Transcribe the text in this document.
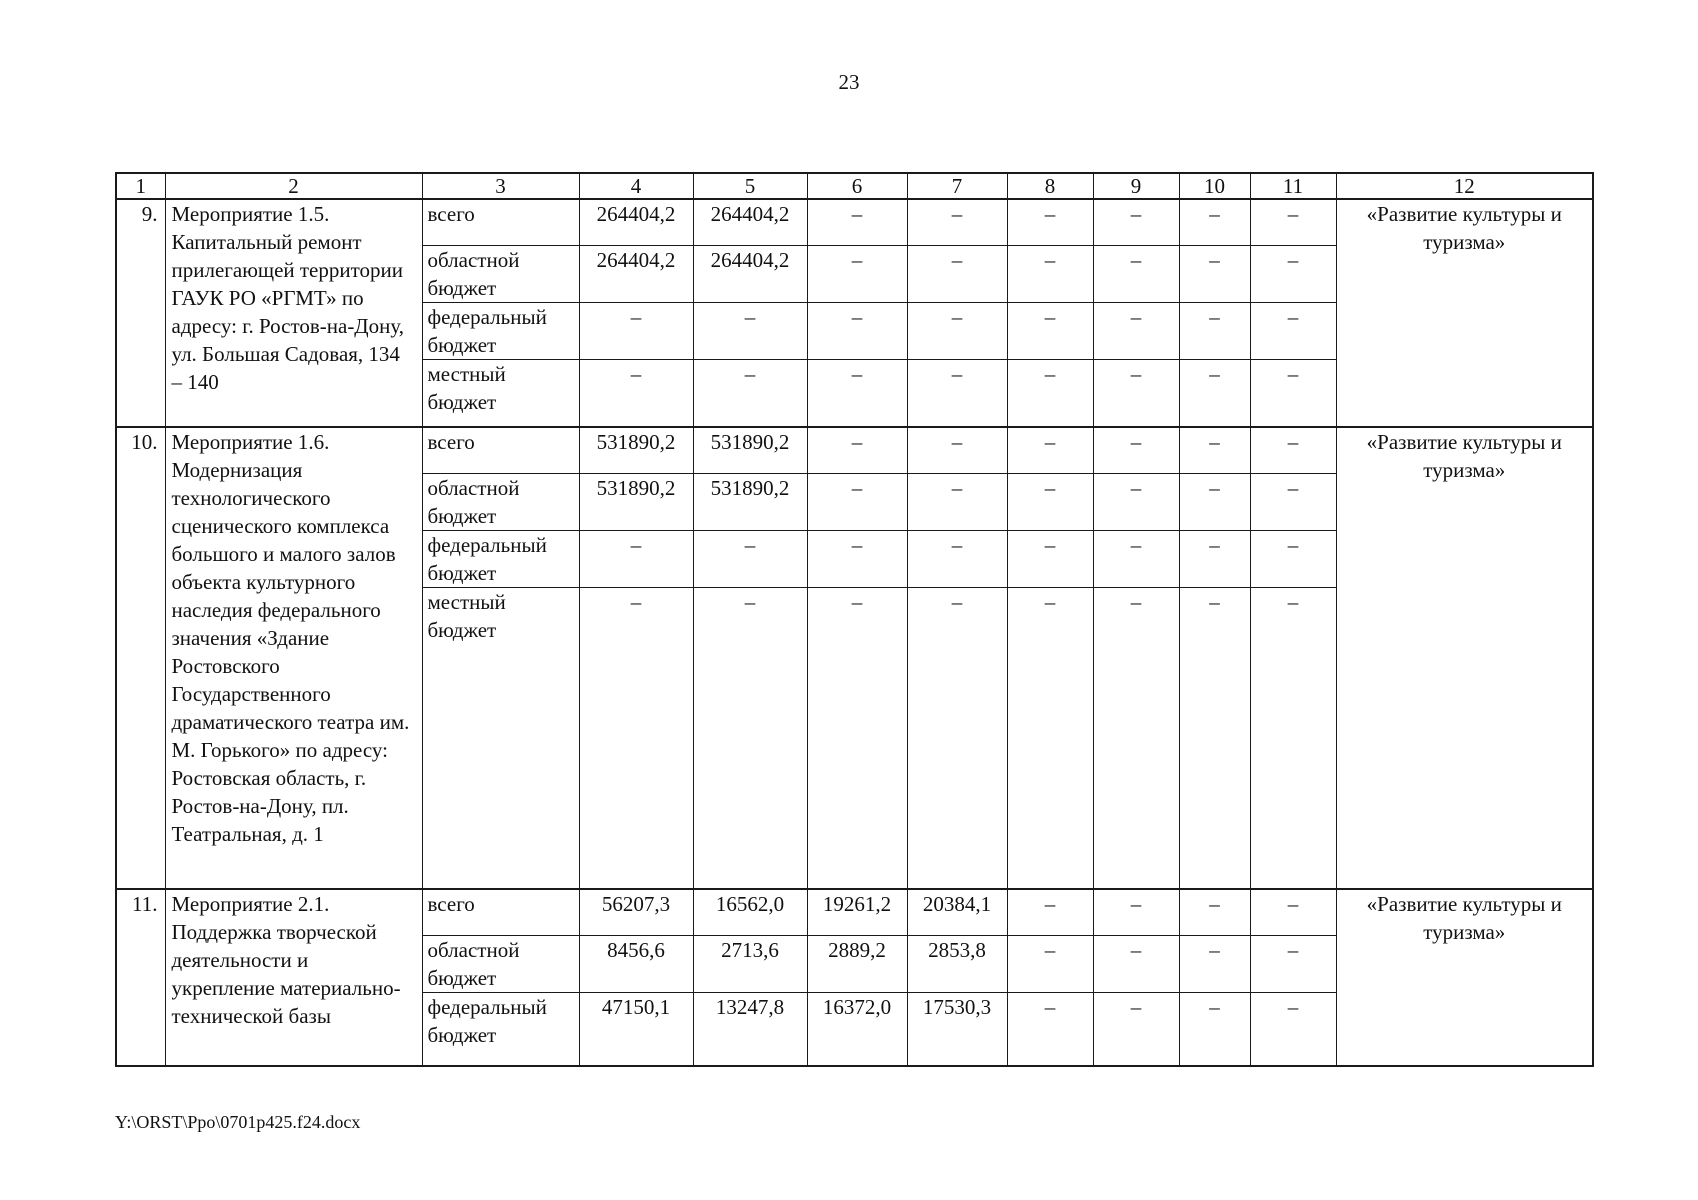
23
1	2	3	4	5	6	7	8	9	10	11	12
9.	Мероприятие 1.5. Капитальный ремонт прилегающей территории ГАУК РО «РГМТ» по адресу: г. Ростов-на-Дону, ул. Большая Садовая, 134 – 140	всего	264404,2	264404,2	–	–	–	–	–	–	«Развитие культуры и туризма»
		областной бюджет	264404,2	264404,2	–	–	–	–	–	–	
		федеральный бюджет	–	–	–	–	–	–	–	–	
		местный бюджет	–	–	–	–	–	–	–	–	
10.	Мероприятие 1.6. Модернизация технологического сценического комплекса большого и малого залов объекта культурного наследия федерального значения «Здание Ростовского Государственного драматического театра им. М. Горького» по адресу: Ростовская область, г. Ростов-на-Дону, пл. Театральная, д. 1	всего	531890,2	531890,2	–	–	–	–	–	–	«Развитие культуры и туризма»
		областной бюджет	531890,2	531890,2	–	–	–	–	–	–	
		федеральный бюджет	–	–	–	–	–	–	–	–	
		местный бюджет	–	–	–	–	–	–	–	–	
11.	Мероприятие 2.1. Поддержка творческой деятельности и укрепление материально-технической базы	всего	56207,3	16562,0	19261,2	20384,1	–	–	–	–	«Развитие культуры и туризма»
		областной бюджет	8456,6	2713,6	2889,2	2853,8	–	–	–	–	
		федеральный бюджет	47150,1	13247,8	16372,0	17530,3	–	–	–	–	
Y:\ORST\Ppo\0701p425.f24.docx
